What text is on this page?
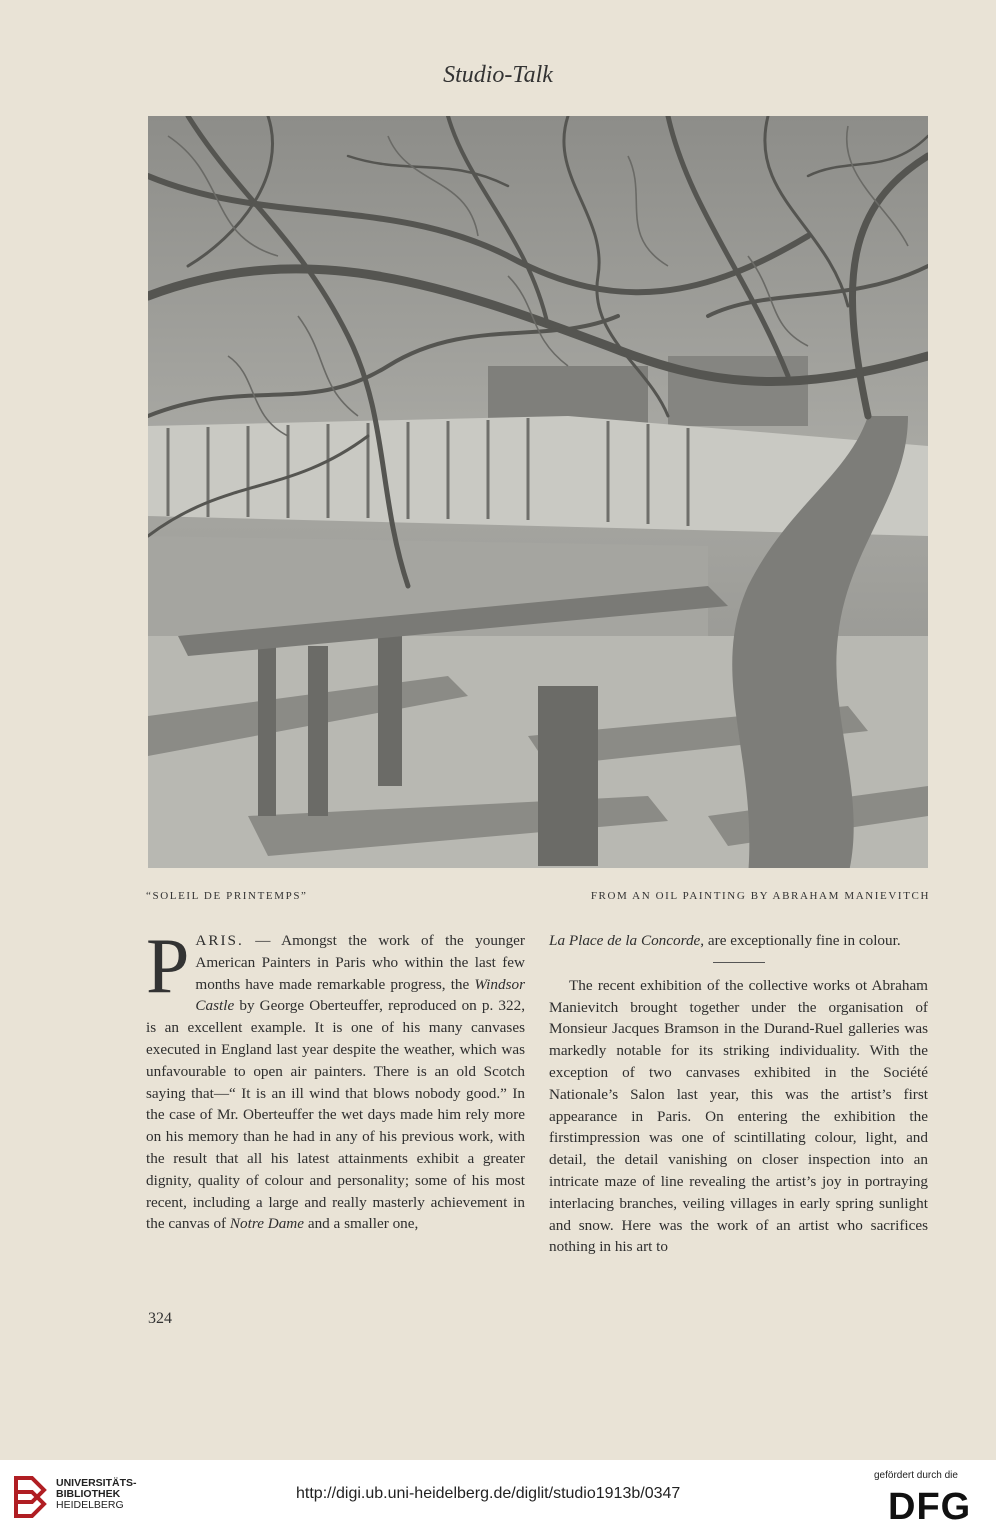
Studio-Talk
“SOLEIL DE PRINTEMPS”	FROM AN OIL PAINTING BY ABRAHAM MANIEVITCH

P ARIS. — Amongst the work of the younger American Painters in Paris who within the last few months have made remarkable progress, the Windsor Castle by George Oberteuffer, reproduced on p. 322, is an excellent example. It is one of his many canvases executed in England last year despite the weather, which was unfavourable to open air painters. There is an old Scotch saying that—“ It is an ill wind that blows nobody good.” In the case of Mr. Oberteuffer the wet days made him rely more on his memory than he had in any of his previous work, with the result that all his latest attainments exhibit a greater dignity, quality of colour and personality; some of his most recent, including a large and really masterly achievement in the canvas of Notre Dame and a smaller one,

La Place de la Concorde, are exceptionally fine in colour.

The recent exhibition of the collective works ot Abraham Manievitch brought together under the organisation of Monsieur Jacques Bramson in the Durand-Ruel galleries was markedly notable for its striking individuality. With the exception of two canvases exhibited in the Société Nationale’s Salon last year, this was the artist’s first appearance in Paris. On entering the exhibition the firstimpression was one of scintillating colour, light, and detail, the detail vanishing on closer inspection into an intricate maze of line revealing the artist’s joy in portraying interlacing branches, veiling villages in early spring sunlight and snow. Here was the work of an artist who sacrifices nothing in his art to

324
UNIVERSITÄTS-
BIBLIOTHEK
HEIDELBERG
http://digi.ub.uni-heidelberg.de/diglit/studio1913b/0347
gefördert durch die
DFG
